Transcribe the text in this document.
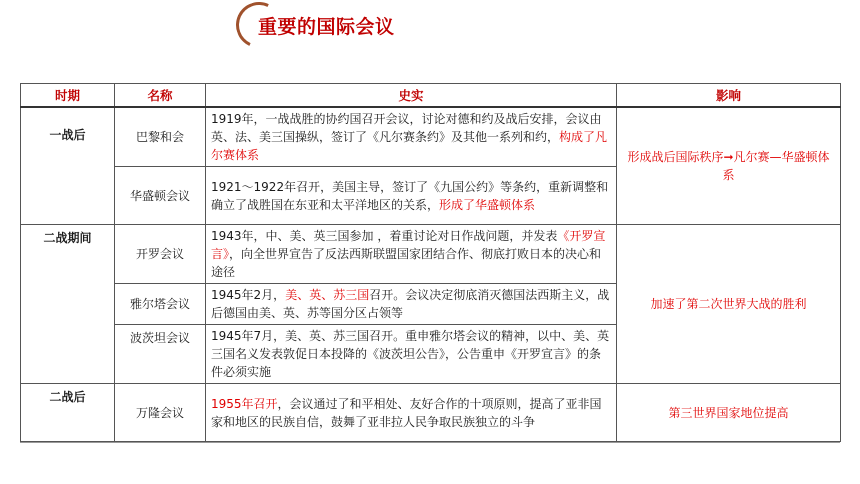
重要的国际会议
时期	名称	史实	影响
一战后	巴黎和会	1919年，一战战胜的协约国召开会议，讨论对德和约及战后安排，会议由英、法、美三国操纵，签订了《凡尔赛条约》及其他一系列和约，构成了凡尔赛体系	形成战后国际秩序➞凡尔赛—华盛顿体系
	华盛顿会议	1921～1922年召开，美国主导，签订了《九国公约》等条约，重新调整和确立了战胜国在东亚和太平洋地区的关系，形成了华盛顿体系	
二战期间	开罗会议	1943年，中、美、英三国参加 ，着重讨论对日作战问题，并发表《开罗宣言》，向全世界宣告了反法西斯联盟国家团结合作、彻底打败日本的决心和途径	加速了第二次世界大战的胜利
	雅尔塔会议	1945年2月，美、英、苏三国召开。会议决定彻底消灭德国法西斯主义，战后德国由美、英、苏等国分区占领等	
	波茨坦会议	1945年7月，美、英、苏三国召开。重申雅尔塔会议的精神，以中、美、英三国名义发表敦促日本投降的《波茨坦公告》，公告重申《开罗宣言》的条件必须实施	
二战后	万隆会议	1955年召开，会议通过了和平相处、友好合作的十项原则，提高了亚非国家和地区的民族自信，鼓舞了亚非拉人民争取民族独立的斗争	第三世界国家地位提高
